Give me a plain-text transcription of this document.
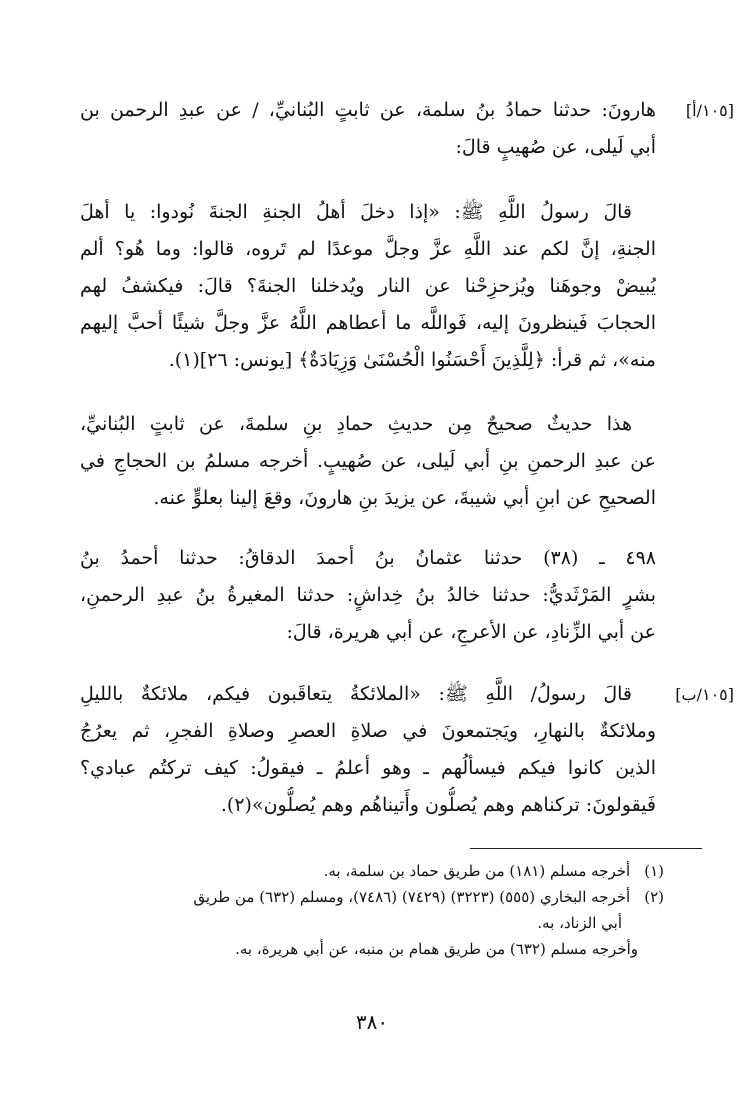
[١٠٥/أ]
[١٠٥/ب]
هارونَ: حدثنا حمادُ بنُ سلمة، عن ثابتٍ البُنانيِّ، / عن عبدِ الرحمن بن
أبي لَيلى، عن صُهيبٍ قالَ:
قالَ رسولُ اللَّهِ ﷺ: «إذا دخلَ أهلُ الجنةِ الجنةَ نُودوا: يا أهلَ
الجنةِ، إنَّ لكم عند اللَّهِ عزَّ وجلَّ موعدًا لم تَروه، قالوا: وما هُو؟ ألم
يُبيضْ وجوهَنا ويُزحزِحْنا عن النار ويُدخلنا الجنةَ؟ قالَ: فيكشفُ لهم
الحجابَ فَينظرونَ إليه، فَواللَّه ما أعطاهم اللَّهُ عزَّ وجلَّ شيئًا أحبَّ إليهم
منه»، ثم قرأ: ﴿لِلَّذِينَ أَحْسَنُوا الْحُسْنَىٰ وَزِيَادَةٌ﴾ [يونس: ٢٦](١).
هذا حديثٌ صحيحٌ مِن حديثِ حمادِ بنِ سلمةَ، عن ثابتٍ البُنانيِّ،
عن عبدِ الرحمنِ بنِ أبي لَيلى، عن صُهيبٍ. أخرجه مسلمُ بن الحجاجِ في
الصحيحِ عن ابنِ أبي شيبةَ، عن يزيدَ بنِ هارونَ، وقعَ إلينا بعلوٍّ عنه.
٤٩٨ ـ (٣٨) حدثنا عثمانُ بنُ أحمدَ الدقاقُ: حدثنا أحمدُ بنُ
بشرٍ المَرْثَديُّ: حدثنا خالدُ بنُ خِداشٍ: حدثنا المغيرةُ بنُ عبدِ الرحمنِ،
عن أبي الزِّنادِ، عن الأعرجِ، عن أبي هريرة، قالَ:
قالَ رسولُ/ اللَّهِ ﷺ: «الملائكةُ يتعاقَبون فيكم، ملائكةٌ بالليلِ
وملائكةٌ بالنهارِ، ويَجتمعونَ في صلاةِ العصرِ وصلاةِ الفجرِ، ثم يعرُجُ
الذين كانوا فيكم فيسألُهم ـ وهو أعلمُ ـ فيقولُ: كيف تركتُم عبادي؟
فَيقولونَ: تركناهم وهم يُصلُّون وأَتيناهُم وهم يُصلُّون»(٢).
(١)
أخرجه مسلم (١٨١) من طريق حماد بن سلمة، به.
(٢)
أخرجه البخاري (٥٥٥) (٣٢٢٣) (٧٤٢٩) (٧٤٨٦)، ومسلم (٦٣٢) من طريق
أبي الزناد، به.
وأخرجه مسلم (٦٣٢) من طريق همام بن منبه، عن أبي هريرة، به.
٣٨٠
